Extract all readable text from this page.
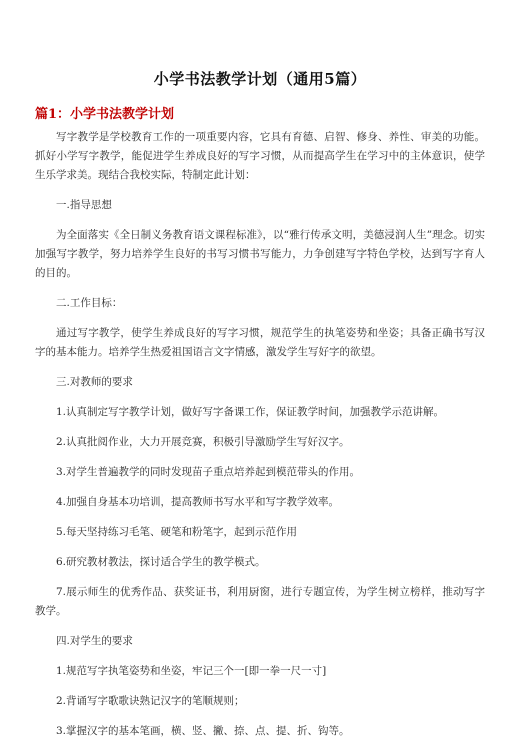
小学书法教学计划（通用5篇）
篇1：小学书法教学计划

写字教学是学校教育工作的一项重要内容，它具有育德、启智、修身、养性、审美的功能。抓好小学写字教学，能促进学生养成良好的写字习惯，从而提高学生在学习中的主体意识，使学生乐学求美。现结合我校实际，特制定此计划：

一.指导思想

为全面落实《全日制义务教育语文课程标准》，以“雅行传承文明，美德浸润人生”理念。切实加强写字教学，努力培养学生良好的书写习惯书写能力，力争创建写字特色学校，达到写字育人的目的。

二.工作目标：

通过写字教学，使学生养成良好的写字习惯，规范学生的执笔姿势和坐姿；具备正确书写汉字的基本能力。培养学生热爱祖国语言文字情感，激发学生写好字的欲望。

三.对教师的要求

1.认真制定写字教学计划，做好写字备课工作，保证教学时间，加强教学示范讲解。

2.认真批阅作业，大力开展竞赛，积极引导激励学生写好汉字。

3.对学生普遍教学的同时发现苗子重点培养起到模范带头的作用。

4.加强自身基本功培训，提高教师书写水平和写字教学效率。

5.每天坚持练习毛笔、硬笔和粉笔字，起到示范作用

6.研究教材教法，探讨适合学生的教学模式。

7.展示师生的优秀作品、获奖证书，利用厨窗，进行专题宣传，为学生树立榜样，推动写字教学。

四.对学生的要求

1.规范写字执笔姿势和坐姿，牢记三个一[即一拳一尺一寸]

2.背诵写字歌歌诀熟记汉字的笔顺规则；

3.掌握汉字的基本笔画，横、竖、撇、捺、点、提、折、钩等。
